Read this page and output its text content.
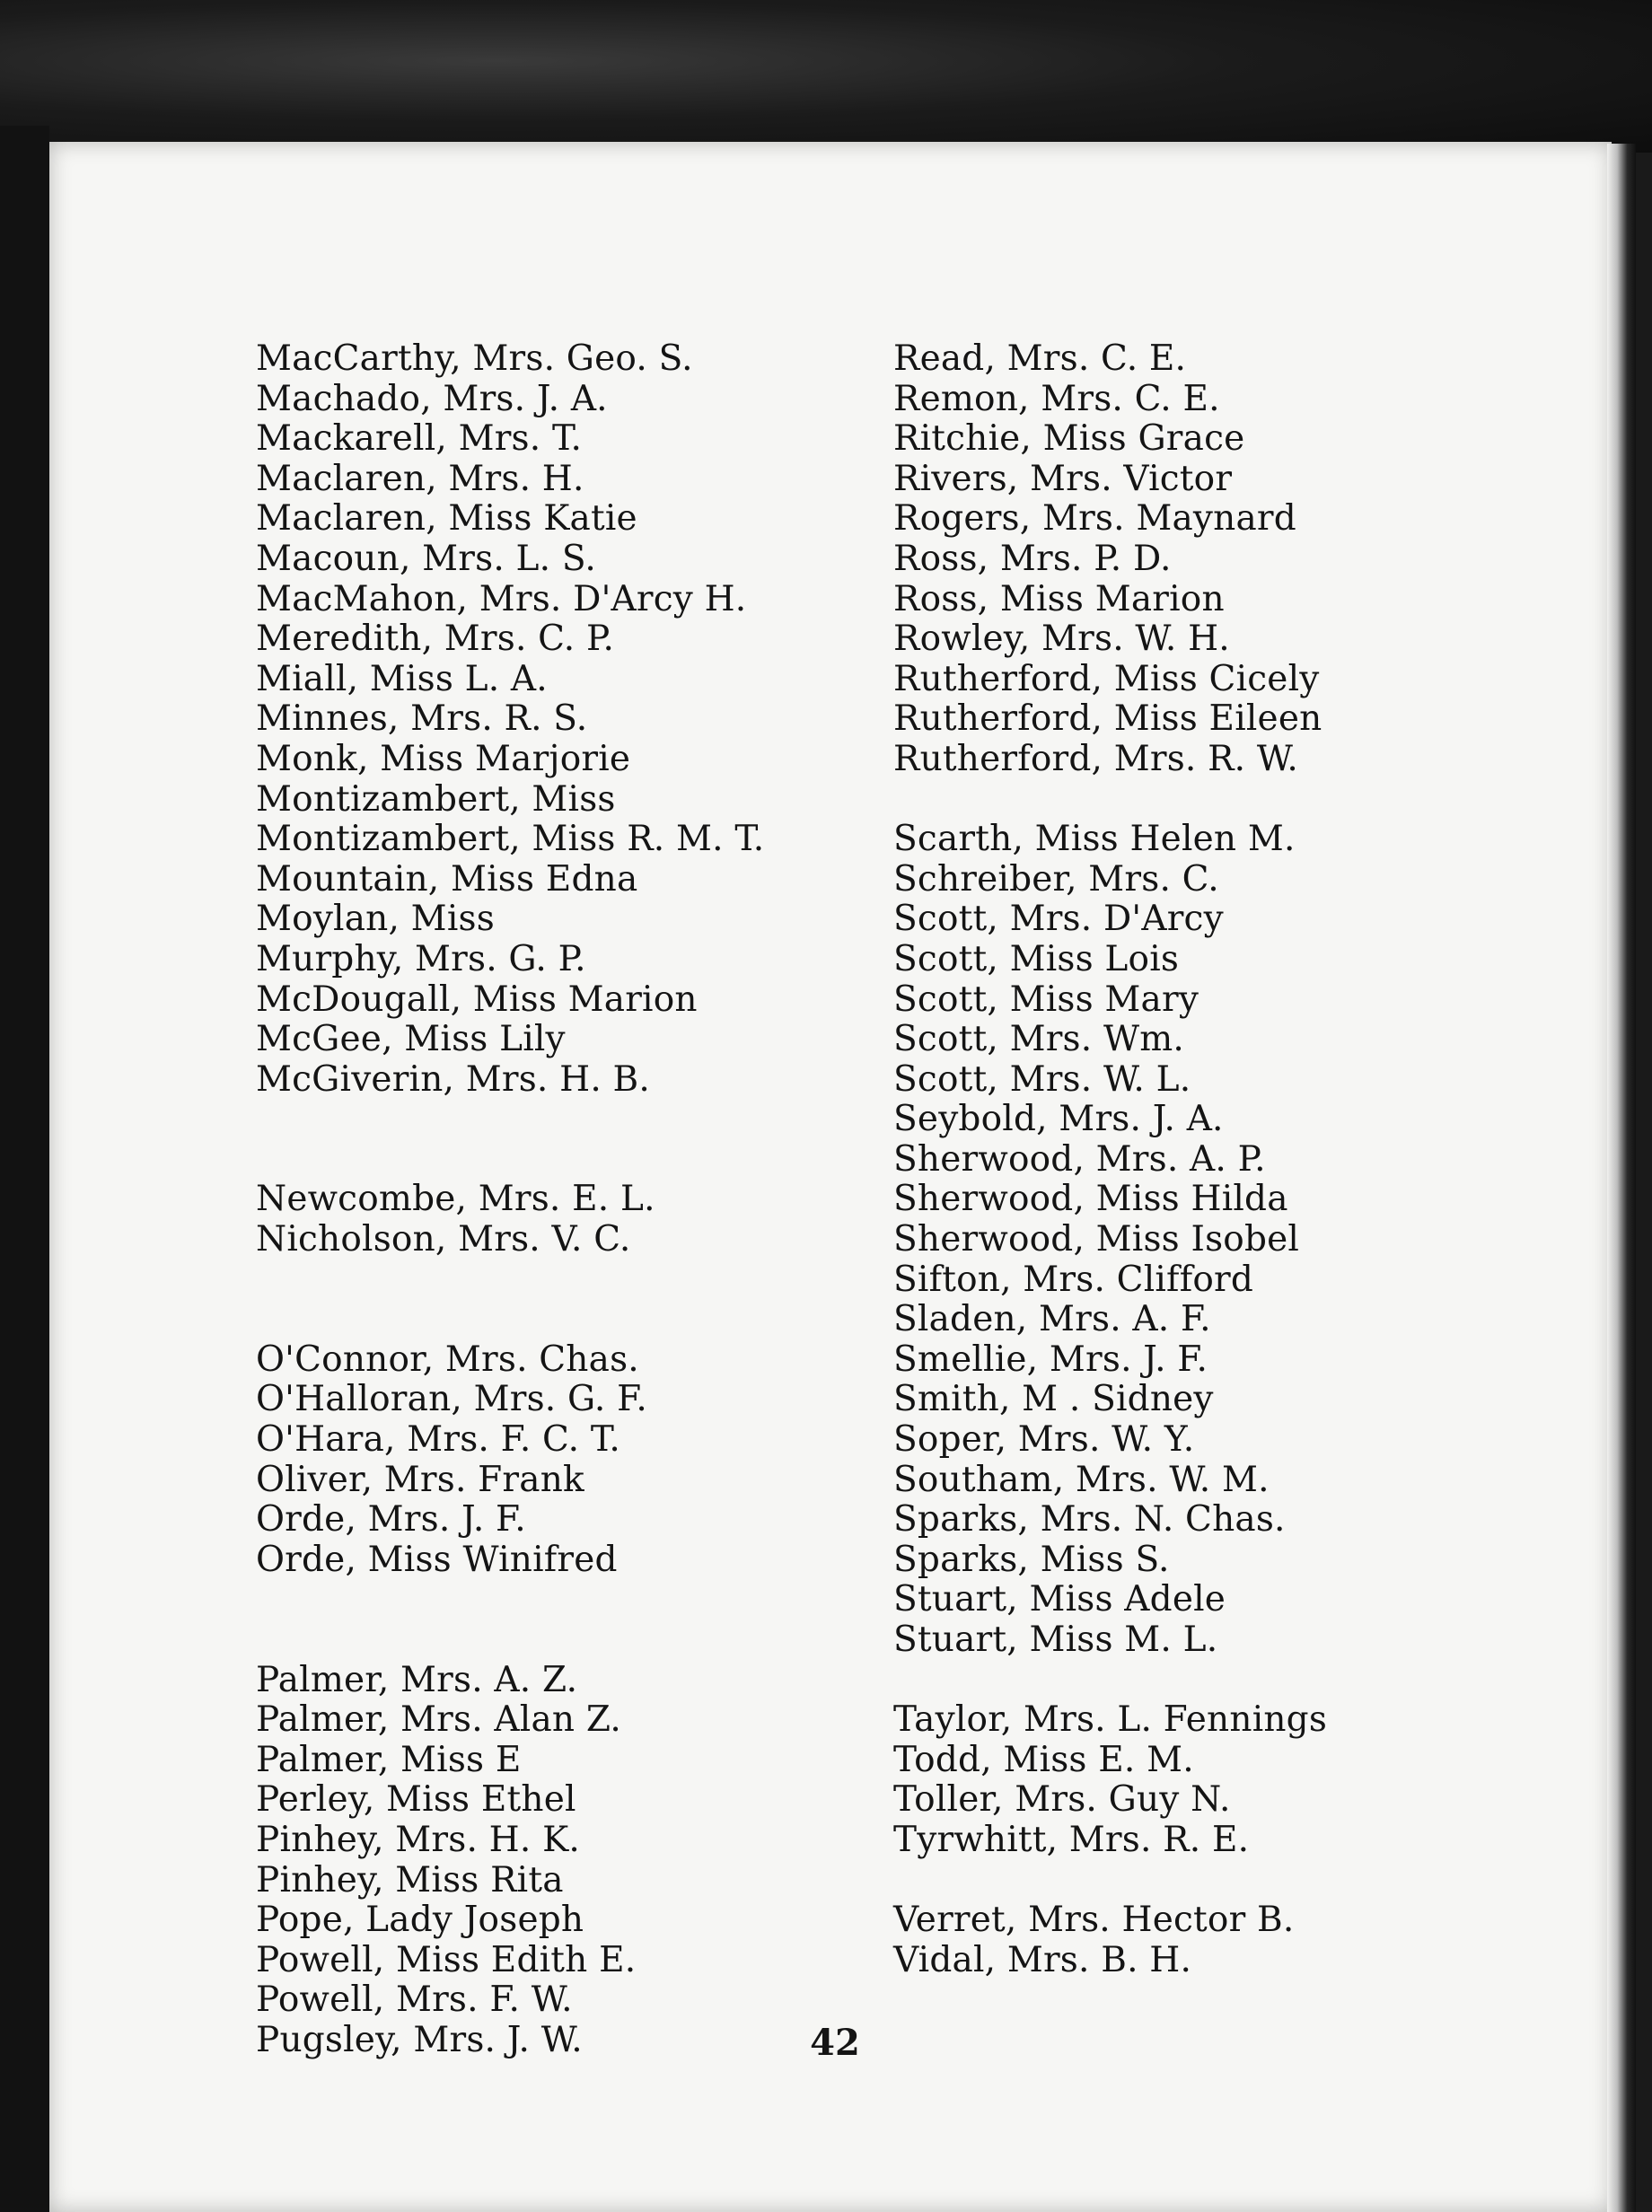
MacCarthy, Mrs. Geo. S.
Machado, Mrs. J. A.
Mackarell, Mrs. T.
Maclaren, Mrs. H.
Maclaren, Miss Katie
Macoun, Mrs. L. S.
MacMahon, Mrs. D'Arcy H.
Meredith, Mrs. C. P.
Miall, Miss L. A.
Minnes, Mrs. R. S.
Monk, Miss Marjorie
Montizambert, Miss
Montizambert, Miss R. M. T.
Mountain, Miss Edna
Moylan, Miss
Murphy, Mrs. G. P.
McDougall, Miss Marion
McGee, Miss Lily
McGiverin, Mrs. H. B.
Newcombe, Mrs. E. L.
Nicholson, Mrs. V. C.
O'Connor, Mrs. Chas.
O'Halloran, Mrs. G. F.
O'Hara, Mrs. F. C. T.
Oliver, Mrs. Frank
Orde, Mrs. J. F.
Orde, Miss Winifred
Palmer, Mrs. A. Z.
Palmer, Mrs. Alan Z.
Palmer, Miss E
Perley, Miss Ethel
Pinhey, Mrs. H. K.
Pinhey, Miss Rita
Pope, Lady Joseph
Powell, Miss Edith E.
Powell, Mrs. F. W.
Pugsley, Mrs. J. W.
Read, Mrs. C. E.
Remon, Mrs. C. E.
Ritchie, Miss Grace
Rivers, Mrs. Victor
Rogers, Mrs. Maynard
Ross, Mrs. P. D.
Ross, Miss Marion
Rowley, Mrs. W. H.
Rutherford, Miss Cicely
Rutherford, Miss Eileen
Rutherford, Mrs. R. W.
Scarth, Miss Helen M.
Schreiber, Mrs. C.
Scott, Mrs. D'Arcy
Scott, Miss Lois
Scott, Miss Mary
Scott, Mrs. Wm.
Scott, Mrs. W. L.
Seybold, Mrs. J. A.
Sherwood, Mrs. A. P.
Sherwood, Miss Hilda
Sherwood, Miss Isobel
Sifton, Mrs. Clifford
Sladen, Mrs. A. F.
Smellie, Mrs. J. F.
Smith, M . Sidney
Soper, Mrs. W. Y.
Southam, Mrs. W. M.
Sparks, Mrs. N. Chas.
Sparks, Miss S.
Stuart, Miss Adele
Stuart, Miss M. L.
Taylor, Mrs. L. Fennings
Todd, Miss E. M.
Toller, Mrs. Guy N.
Tyrwhitt, Mrs. R. E.
Verret, Mrs. Hector B.
Vidal, Mrs. B. H.
42
